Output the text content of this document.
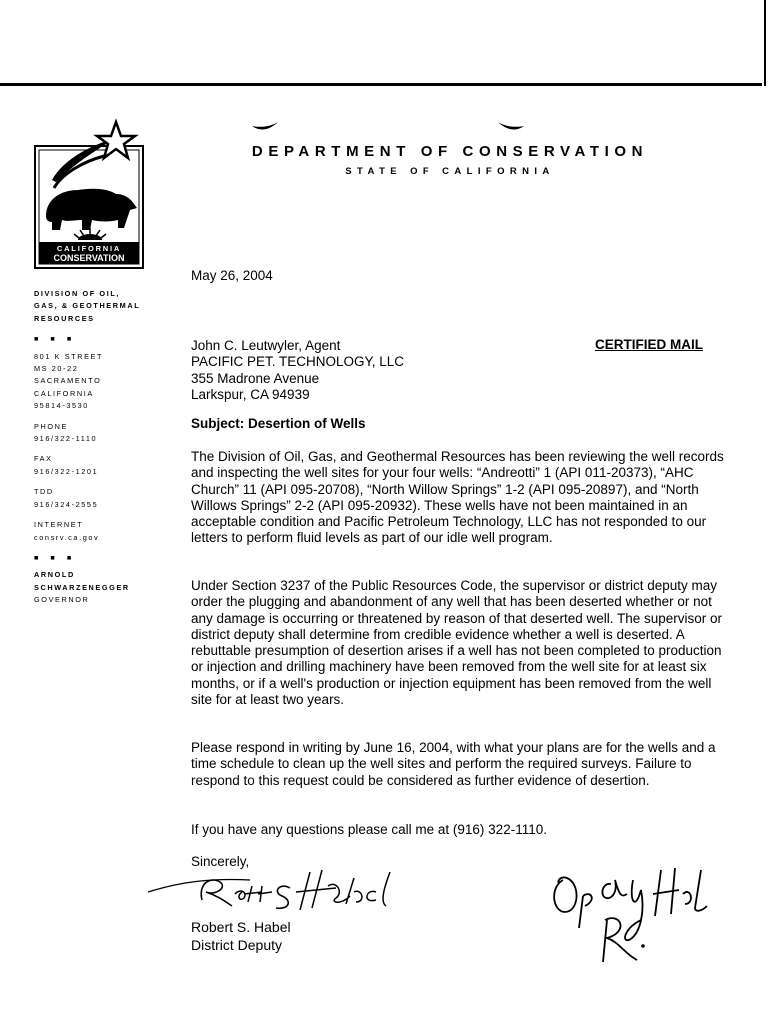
CALIFORNIA
CONSERVATION
DEPARTMENT OF CONSERVATION
STATE OF CALIFORNIA
DIVISION OF OIL,
GAS, & GEOTHERMAL
RESOURCES
■ ■ ■
801 K STREET
MS 20-22
SACRAMENTO
CALIFORNIA
95814-3530
PHONE
916/322-1110
FAX
916/322-1201
TDD
916/324-2555
INTERNET
consrv.ca.gov
■ ■ ■
ARNOLD
SCHWARZENEGGER
GOVERNOR

May 26, 2004

John C. Leutwyler, Agent

PACIFIC PET. TECHNOLOGY, LLC

355 Madrone Avenue

Larkspur, CA 94939

Subject: Desertion of Wells

The Division of Oil, Gas, and Geothermal Resources has been reviewing the well records and inspecting the well sites for your four wells: “Andreotti” 1 (API 011-20373), “AHC Church” 11 (API 095-20708), “North Willow Springs” 1-2 (API 095-20897), and “North Willows Springs” 2-2 (API 095-20932). These wells have not been maintained in an acceptable condition and Pacific Petroleum Technology, LLC has not responded to our letters to perform fluid levels as part of our idle well program.

Under Section 3237 of the Public Resources Code, the supervisor or district deputy may order the plugging and abandonment of any well that has been deserted whether or not any damage is occurring or threatened by reason of that deserted well. The supervisor or district deputy shall determine from credible evidence whether a well is deserted. A rebuttable presumption of desertion arises if a well has not been completed to production or injection and drilling machinery have been removed from the well site for at least six months, or if a well's production or injection equipment has been removed from the well site for at least two years.

Please respond in writing by June 16, 2004, with what your plans are for the wells and a time schedule to clean up the well sites and perform the required surveys. Failure to respond to this request could be considered as further evidence of desertion.

If you have any questions please call me at (916) 322-1110.

Sincerely,

CERTIFIED MAIL
Robert S. Habel
District Deputy
